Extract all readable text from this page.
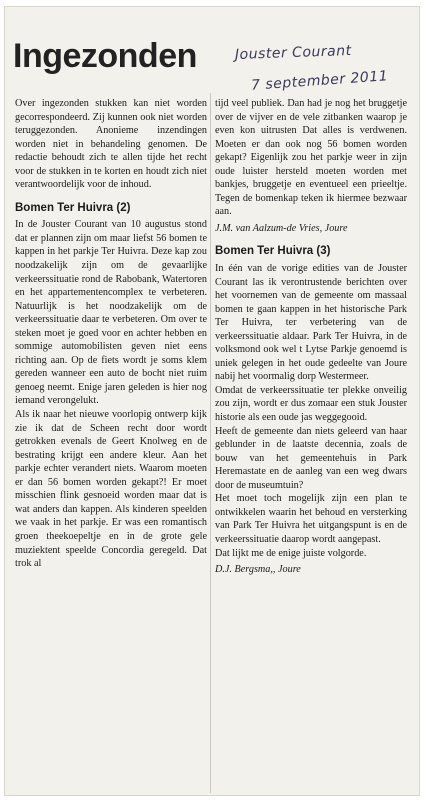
Ingezonden	Jouster Courant
7 september 2011

Over ingezonden stukken kan niet worden gecorrespondeerd. Zij kunnen ook niet worden teruggezonden. Anonieme inzendingen worden niet in behandeling genomen. De redactie behoudt zich te allen tijde het recht voor de stukken in te korten en houdt zich niet verantwoordelijk voor de inhoud.

Bomen Ter Huivra (2)

In de Jouster Courant van 10 augustus stond dat er plannen zijn om maar liefst 56 bomen te kappen in het parkje Ter Huivra. Deze kap zou noodzakelijk zijn om de gevaarlijke verkeerssituatie rond de Rabobank, Watertoren en het appartementencomplex te verbeteren. Natuurlijk is het noodzakelijk om de verkeerssituatie daar te verbeteren. Om over te steken moet je goed voor en achter hebben en sommige automobilisten geven niet eens richting aan. Op de fiets wordt je soms klem gereden wanneer een auto de bocht niet ruim genoeg neemt. Enige jaren geleden is hier nog iemand verongelukt.

Als ik naar het nieuwe voorlopig ontwerp kijk zie ik dat de Scheen recht door wordt getrokken evenals de Geert Knolweg en de bestrating krijgt een andere kleur. Aan het parkje echter verandert niets. Waarom moeten er dan 56 bomen worden gekapt?! Er moet misschien flink gesnoeid worden maar dat is wat anders dan kappen. Als kinderen speelden we vaak in het parkje. Er was een romantisch groen theekoepeltje en in de grote gele muziektent speelde Concordia geregeld. Dat trok al

tijd veel publiek. Dan had je nog het bruggetje over de vijver en de vele zitbanken waarop je even kon uitrusten Dat alles is verdwenen. Moeten er dan ook nog 56 bomen worden gekapt? Eigenlijk zou het parkje weer in zijn oude luister hersteld moeten worden met bankjes, bruggetje en eventueel een prieeltje. Tegen de bomenkap teken ik hiermee bezwaar aan.

J.M. van Aalzum-de Vries, Joure

Bomen Ter Huivra (3)

In één van de vorige edities van de Jouster Courant las ik verontrustende berichten over het voornemen van de gemeente om massaal bomen te gaan kappen in het historische Park Ter Huivra, ter verbetering van de verkeerssituatie aldaar. Park Ter Huivra, in de volksmond ook wel t Lytse Parkje genoemd is uniek gelegen in het oude gedeelte van Joure nabij het voormalig dorp Westermeer.

Omdat de verkeerssituatie ter plekke onveilig zou zijn, wordt er dus zomaar een stuk Jouster historie als een oude jas weggegooid.

Heeft de gemeente dan niets geleerd van haar geblunder in de laatste decennia, zoals de bouw van het gemeentehuis in Park Heremastate en de aanleg van een weg dwars door de museumtuin?

Het moet toch mogelijk zijn een plan te ontwikkelen waarin het behoud en versterking van Park Ter Huivra het uitgangspunt is en de verkeerssituatie daarop wordt aangepast.

Dat lijkt me de enige juiste volgorde.

D.J. Bergsma,, Joure
